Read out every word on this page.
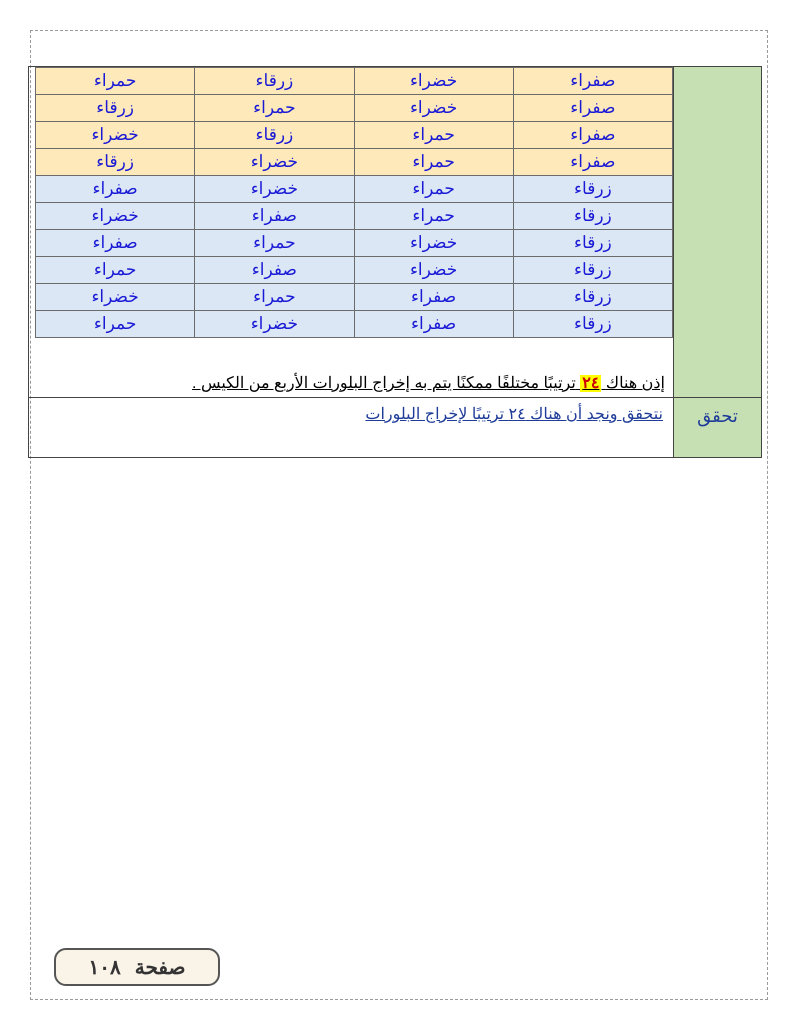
صفراء	خضراء	زرقاء	حمراء
صفراء	خضراء	حمراء	زرقاء
صفراء	حمراء	زرقاء	خضراء
صفراء	حمراء	خضراء	زرقاء
زرقاء	حمراء	خضراء	صفراء
زرقاء	حمراء	صفراء	خضراء
زرقاء	خضراء	حمراء	صفراء
زرقاء	خضراء	صفراء	حمراء
زرقاء	صفراء	حمراء	خضراء
زرقاء	صفراء	خضراء	حمراء
إذن هناك ٢٤ ترتيبًا مختلفًا ممكنًا يتم به إخراج البلورات الأربع من الكيس .
تحقق
نتحقق ونجد أن هناك ٢٤ ترتيبًا لإخراج البلورات
صفحة
١٠٨
